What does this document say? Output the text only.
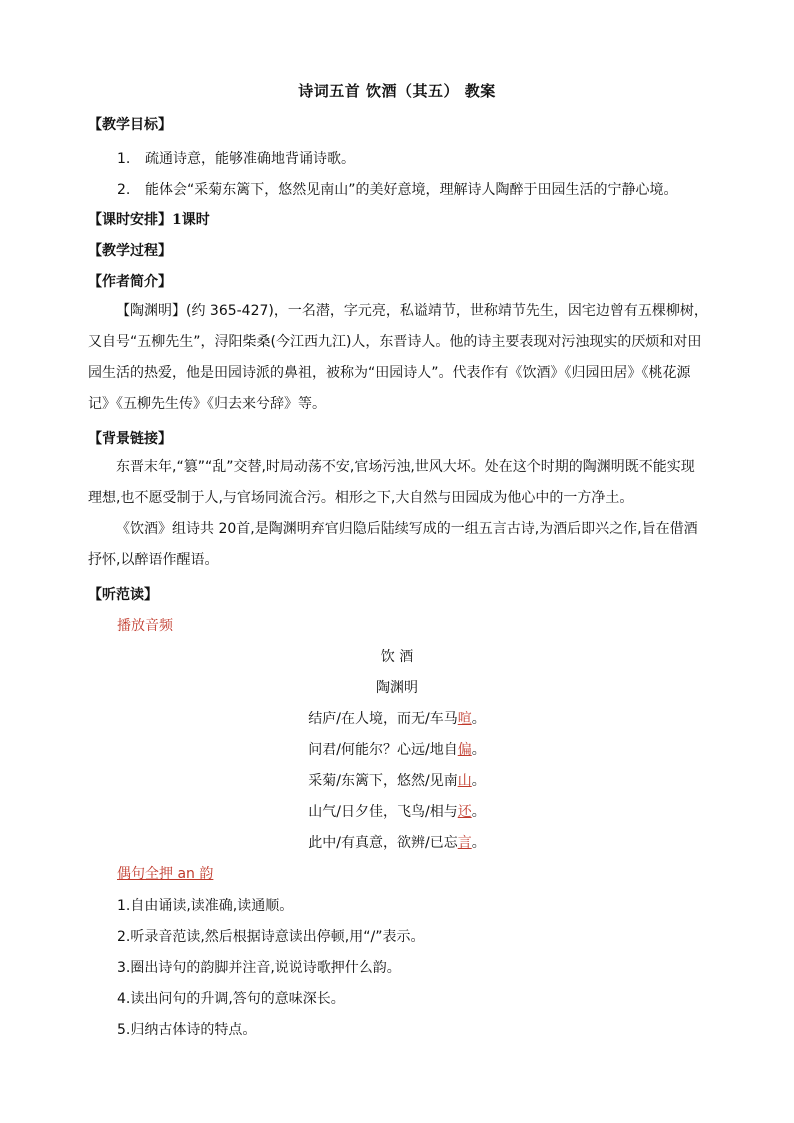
诗词五首 饮酒（其五） 教案
【教学目标】
1. 疏通诗意，能够准确地背诵诗歌。
2. 能体会“采菊东篱下，悠然见南山”的美好意境，理解诗人陶醉于田园生活的宁静心境。
【课时安排】1课时
【教学过程】
【作者简介】
【陶渊明】(约 365-427)，一名潜，字元亮，私谥靖节，世称靖节先生，因宅边曾有五棵柳树，又自号“五柳先生”，浔阳柴桑(今江西九江)人，东晋诗人。他的诗主要表现对污浊现实的厌烦和对田园生活的热爱，他是田园诗派的鼻祖，被称为“田园诗人”。代表作有《饮酒》《归园田居》《桃花源记》《五柳先生传》《归去来兮辞》等。
【背景链接】
东晋末年,“篡”“乱”交替,时局动荡不安,官场污浊,世风大坏。处在这个时期的陶渊明既不能实现理想,也不愿受制于人,与官场同流合污。相形之下,大自然与田园成为他心中的一方净土。
《饮酒》组诗共 20首,是陶渊明弃官归隐后陆续写成的一组五言古诗,为酒后即兴之作,旨在借酒抒怀,以醉语作醒语。
【听范读】
播放音频
饮 酒
陶渊明
结庐/在人境，而无/车马喧。
问君/何能尔？心远/地自偏。
采菊/东篱下，悠然/见南山。
山气/日夕佳，飞鸟/相与还。
此中/有真意，欲辨/已忘言。
偶句全押 an 韵
1.自由诵读,读准确,读通顺。
2.听录音范读,然后根据诗意读出停顿,用“/”表示。
3.圈出诗句的韵脚并注音,说说诗歌押什么韵。
4.读出问句的升调,答句的意味深长。
5.归纳古体诗的特点。
